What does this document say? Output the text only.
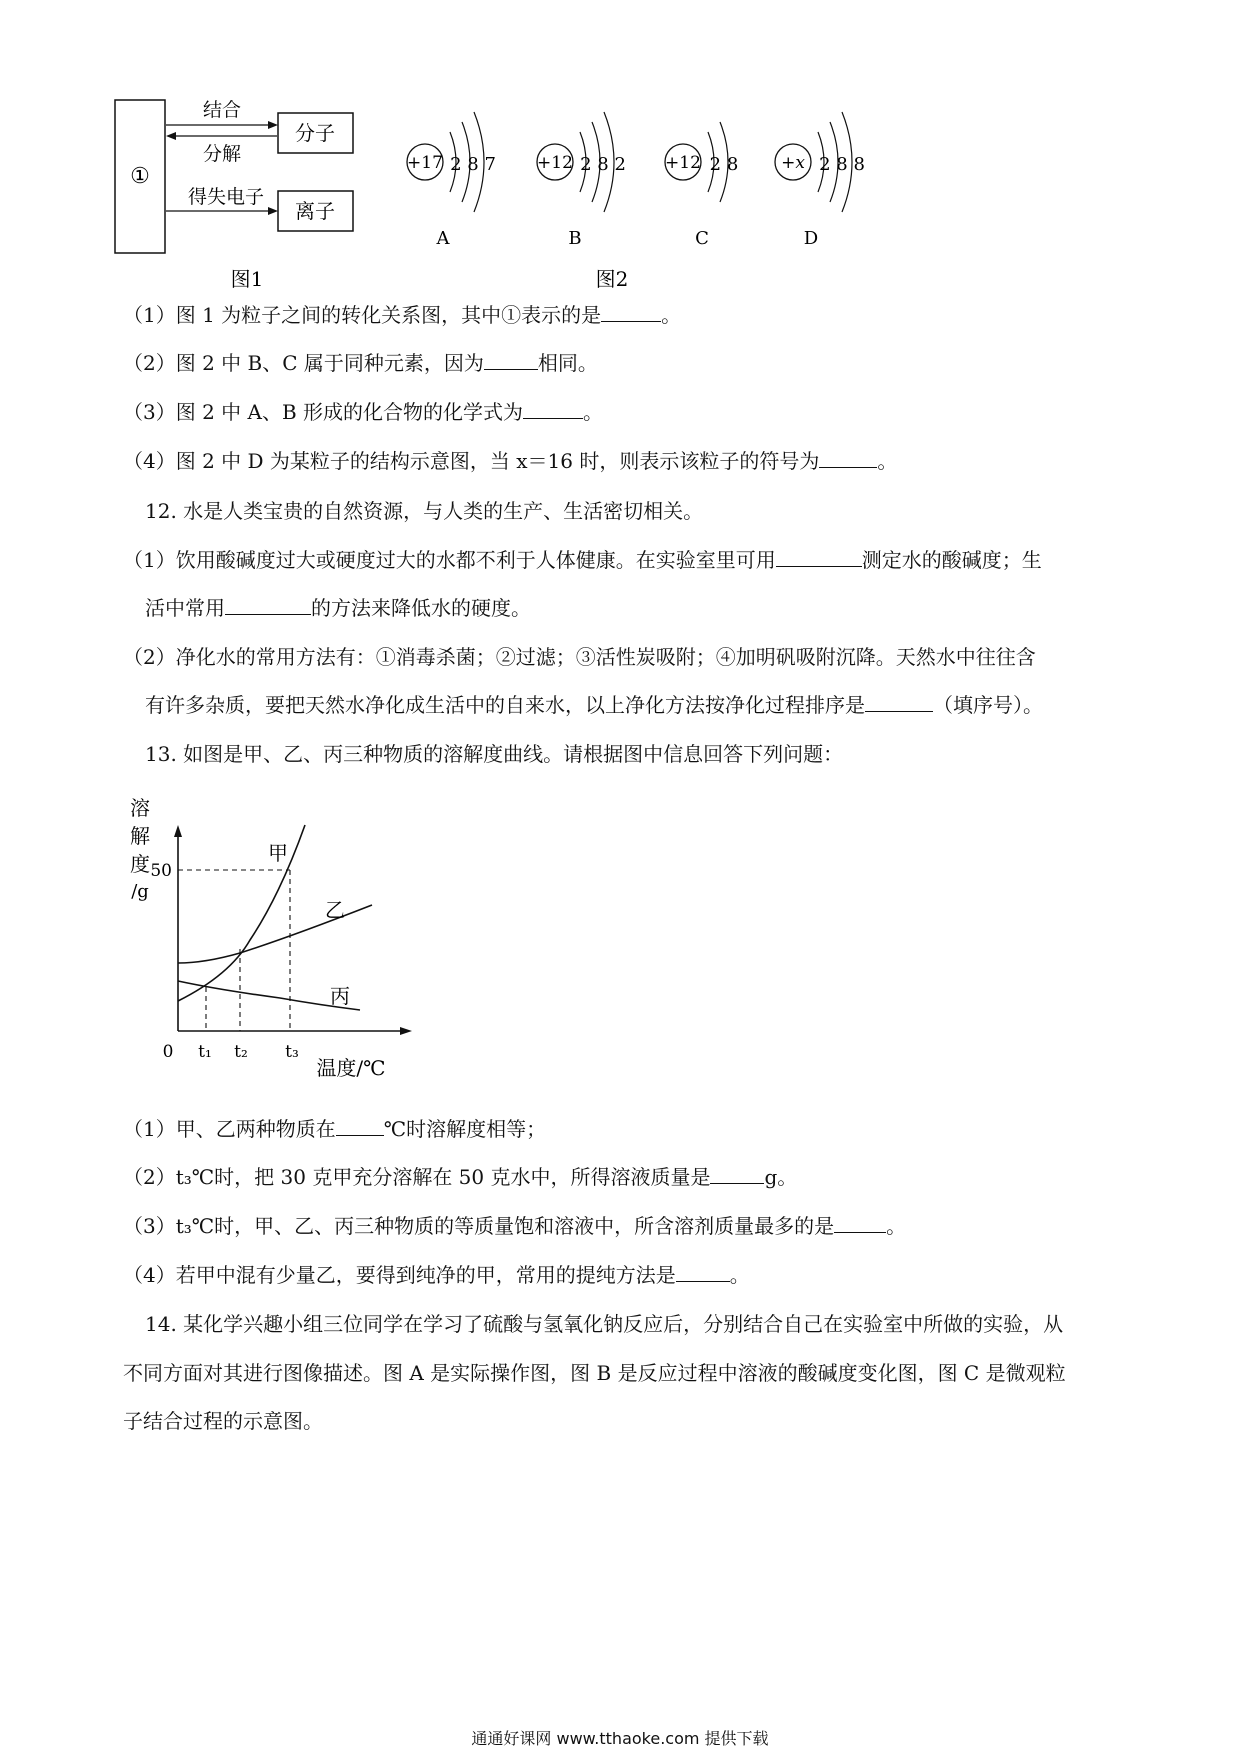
①
分子
离子
结合
分解
得失电子
图1
+17 2 8 7
A
+12 2 8 2
B
+12 2 8
C
+x 2 8 8
D
图2
（1）图 1 为粒子之间的转化关系图，其中①表示的是	。
（2）图 2 中 B、C 属于同种元素，因为	相同。
（3）图 2 中 A、B 形成的化合物的化学式为	。
（4）图 2 中 D 为某粒子的结构示意图，当 x＝16 时，则表示该粒子的符号为	。
12. 水是人类宝贵的自然资源，与人类的生产、生活密切相关。
（1）饮用酸碱度过大或硬度过大的水都不利于人体健康。在实验室里可用	测定水的酸碱度；生
活中常用	的方法来降低水的硬度。
（2）净化水的常用方法有：①消毒杀菌；②过滤；③活性炭吸附；④加明矾吸附沉降。天然水中往往含
有许多杂质，要把天然水净化成生活中的自来水，以上净化方法按净化过程排序是	（填序号）。
13. 如图是甲、乙、丙三种物质的溶解度曲线。请根据图中信息回答下列问题：
溶
解
度
/g
50
0 t₁ t₂ t₃
温度/℃
甲
乙
丙
（1）甲、乙两种物质在 ℃时溶解度相等；
（2）t₃℃时，把 30 克甲充分溶解在 50 克水中，所得溶液质量是	g。
（3）t₃℃时，甲、乙、丙三种物质的等质量饱和溶液中，所含溶剂质量最多的是	。
（4）若甲中混有少量乙，要得到纯净的甲，常用的提纯方法是	。
14. 某化学兴趣小组三位同学在学习了硫酸与氢氧化钠反应后，分别结合自己在实验室中所做的实验，从
不同方面对其进行图像描述。图 A 是实际操作图，图 B 是反应过程中溶液的酸碱度变化图，图 C 是微观粒
子结合过程的示意图。
通通好课网 www.tthaoke.com 提供下载
